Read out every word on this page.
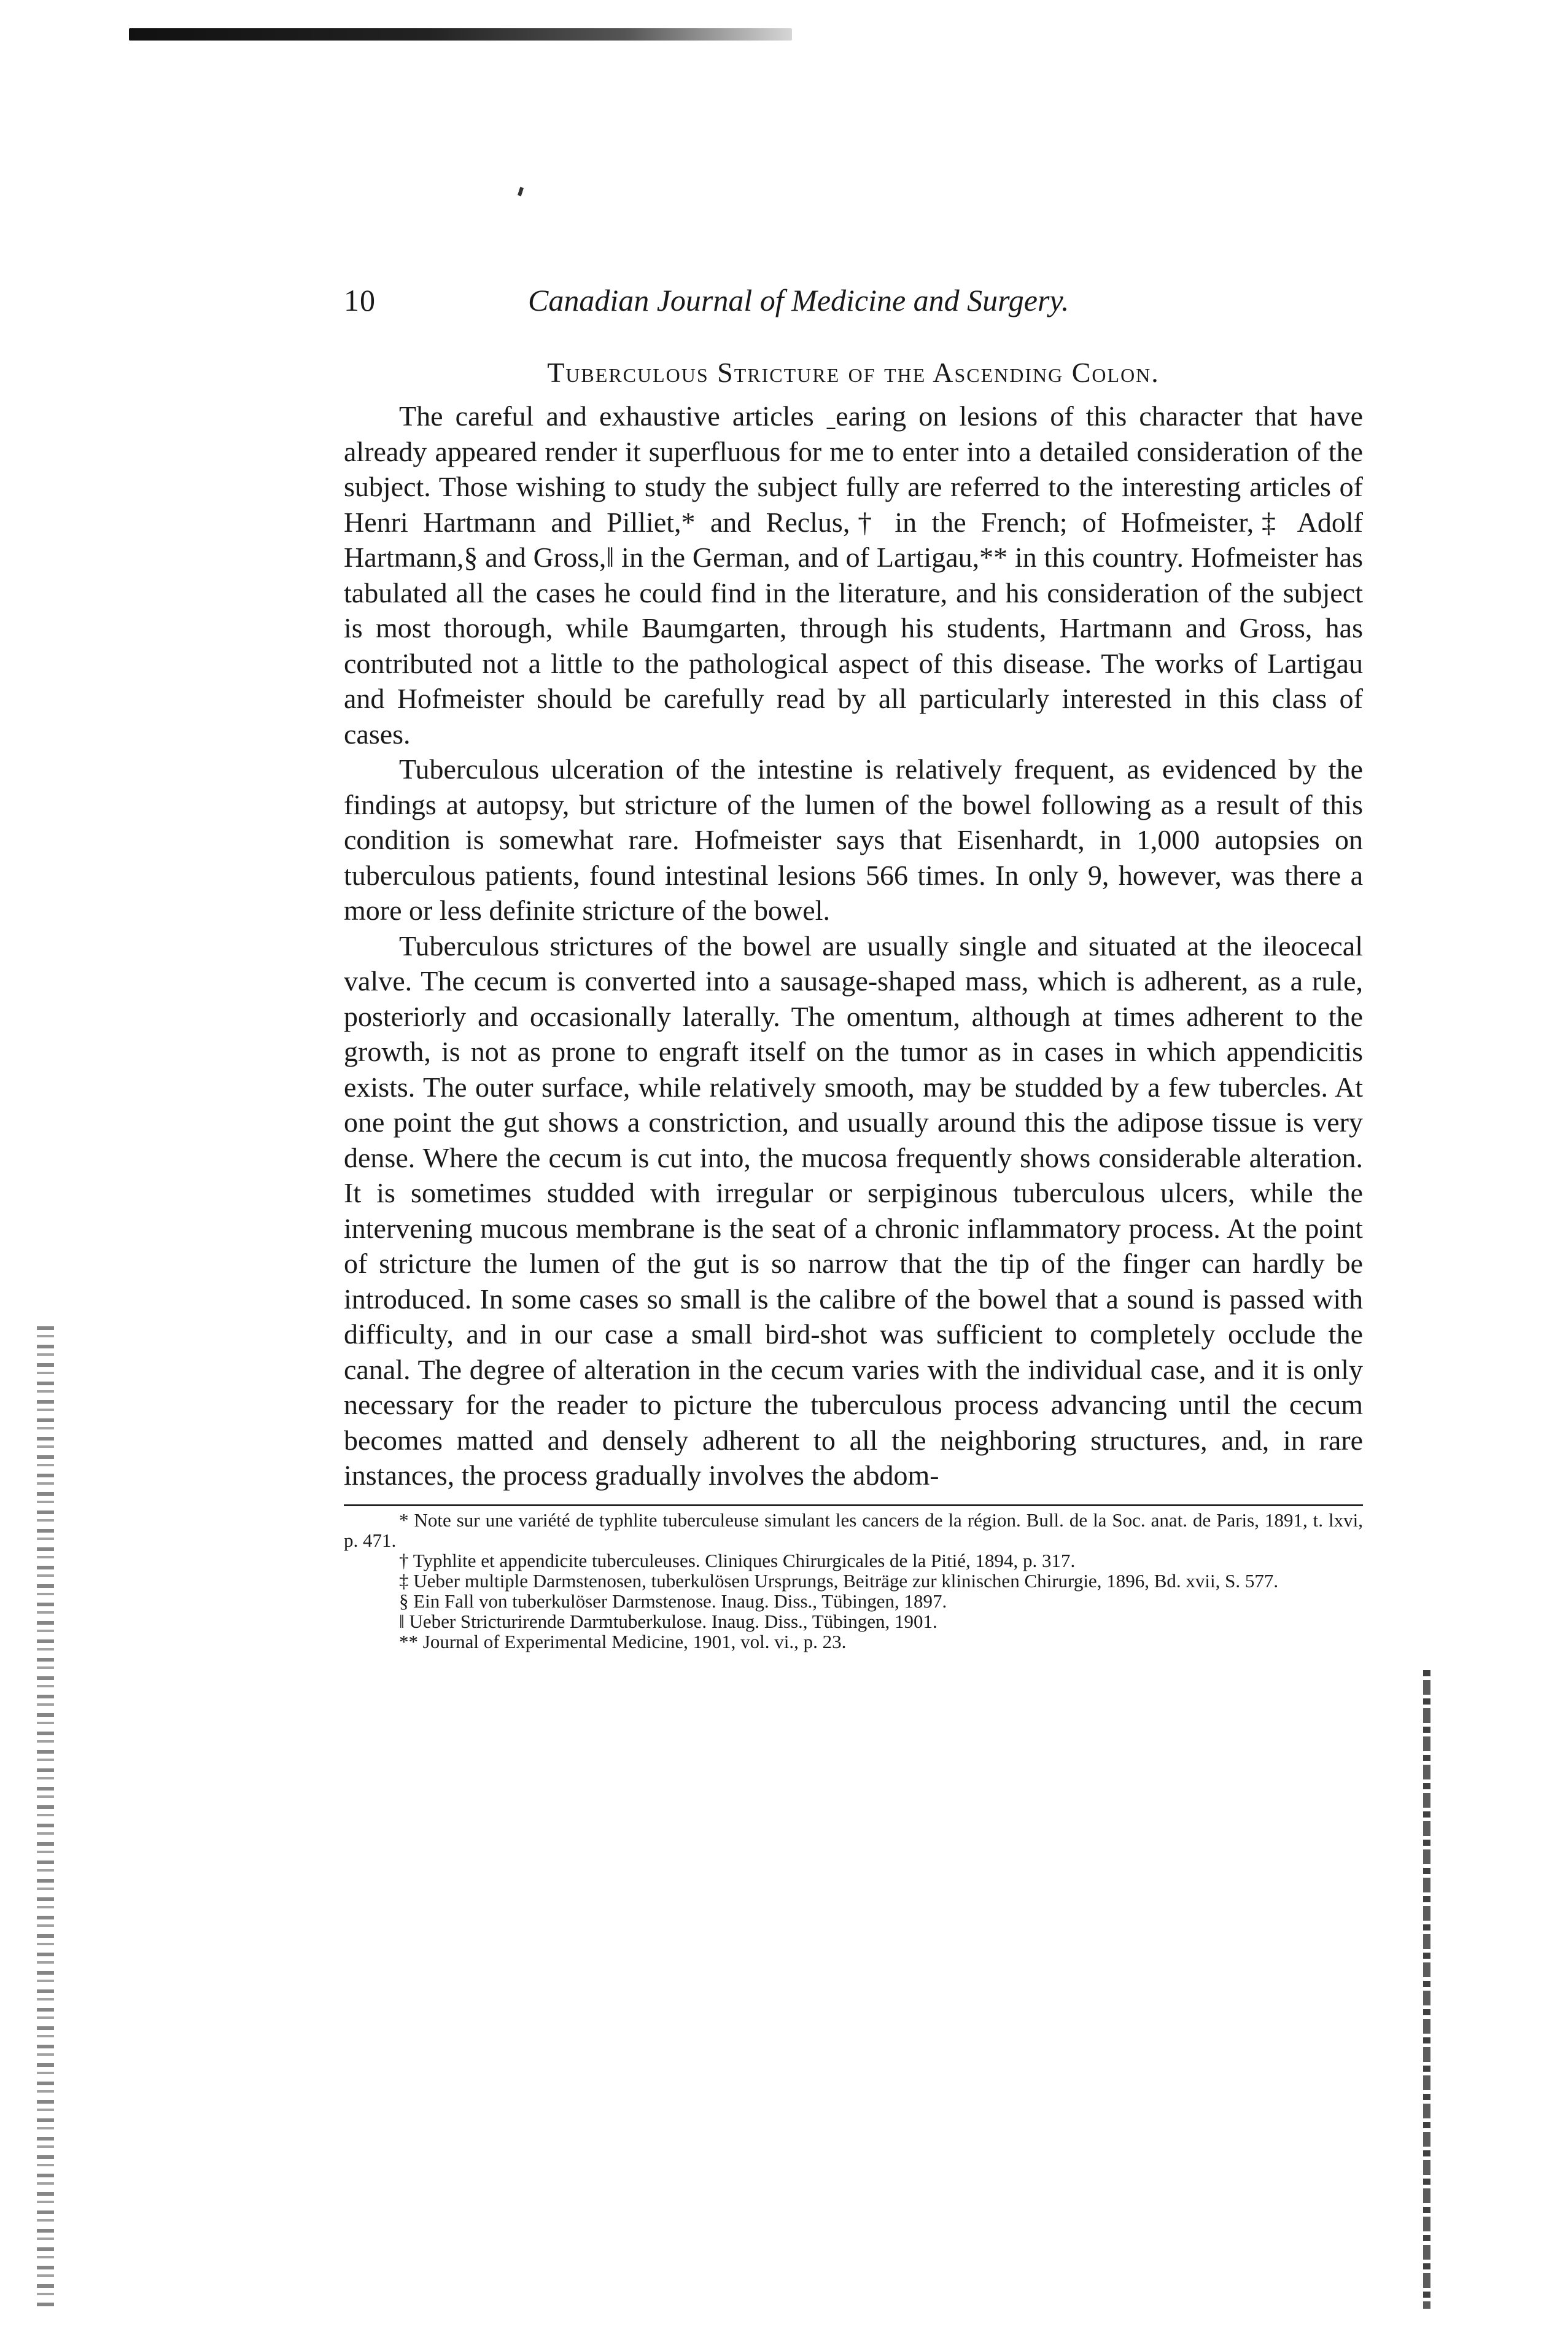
10	Canadian Journal of Medicine and Surgery.
Tuberculous Stricture of the Ascending Colon.

The careful and exhaustive articles ˍearing on lesions of this character that have already appeared render it superfluous for me to enter into a detailed consideration of the subject. Those wishing to study the subject fully are referred to the interesting articles of Henri Hartmann and Pilliet,* and Reclus,† in the French; of Hofmeister,‡ Adolf Hartmann,§ and Gross,‖ in the German, and of Lartigau,** in this country. Hofmeister has tabulated all the cases he could find in the literature, and his consideration of the subject is most thorough, while Baumgarten, through his students, Hartmann and Gross, has contributed not a little to the pathological aspect of this disease. The works of Lartigau and Hofmeister should be carefully read by all particularly interested in this class of cases.

Tuberculous ulceration of the intestine is relatively frequent, as evidenced by the findings at autopsy, but stricture of the lumen of the bowel following as a result of this condition is somewhat rare. Hofmeister says that Eisenhardt, in 1,000 autopsies on tuberculous patients, found intestinal lesions 566 times. In only 9, however, was there a more or less definite stricture of the bowel.

Tuberculous strictures of the bowel are usually single and situated at the ileocecal valve. The cecum is converted into a sausage-shaped mass, which is adherent, as a rule, posteriorly and occasionally laterally. The omentum, although at times adherent to the growth, is not as prone to engraft itself on the tumor as in cases in which appendicitis exists. The outer surface, while relatively smooth, may be studded by a few tubercles. At one point the gut shows a constriction, and usually around this the adipose tissue is very dense. Where the cecum is cut into, the mucosa frequently shows considerable alteration. It is sometimes studded with irregular or serpiginous tuberculous ulcers, while the intervening mucous membrane is the seat of a chronic inflammatory process. At the point of stricture the lumen of the gut is so narrow that the tip of the finger can hardly be introduced. In some cases so small is the calibre of the bowel that a sound is passed with difficulty, and in our case a small bird-shot was sufficient to completely occlude the canal. The degree of alteration in the cecum varies with the individual case, and it is only necessary for the reader to picture the tuberculous process advancing until the cecum becomes matted and densely adherent to all the neighboring structures, and, in rare instances, the process gradually involves the abdom-

* Note sur une variété de typhlite tuberculeuse simulant les cancers de la région. Bull. de la Soc. anat. de Paris, 1891, t. lxvi, p. 471.

† Typhlite et appendicite tuberculeuses. Cliniques Chirurgicales de la Pitié, 1894, p. 317.

‡ Ueber multiple Darmstenosen, tuberkulösen Ursprungs, Beiträge zur klinischen Chirurgie, 1896, Bd. xvii, S. 577.

§ Ein Fall von tuberkulöser Darmstenose. Inaug. Diss., Tübingen, 1897.

‖ Ueber Stricturirende Darmtuberkulose. Inaug. Diss., Tübingen, 1901.

** Journal of Experimental Medicine, 1901, vol. vi., p. 23.
